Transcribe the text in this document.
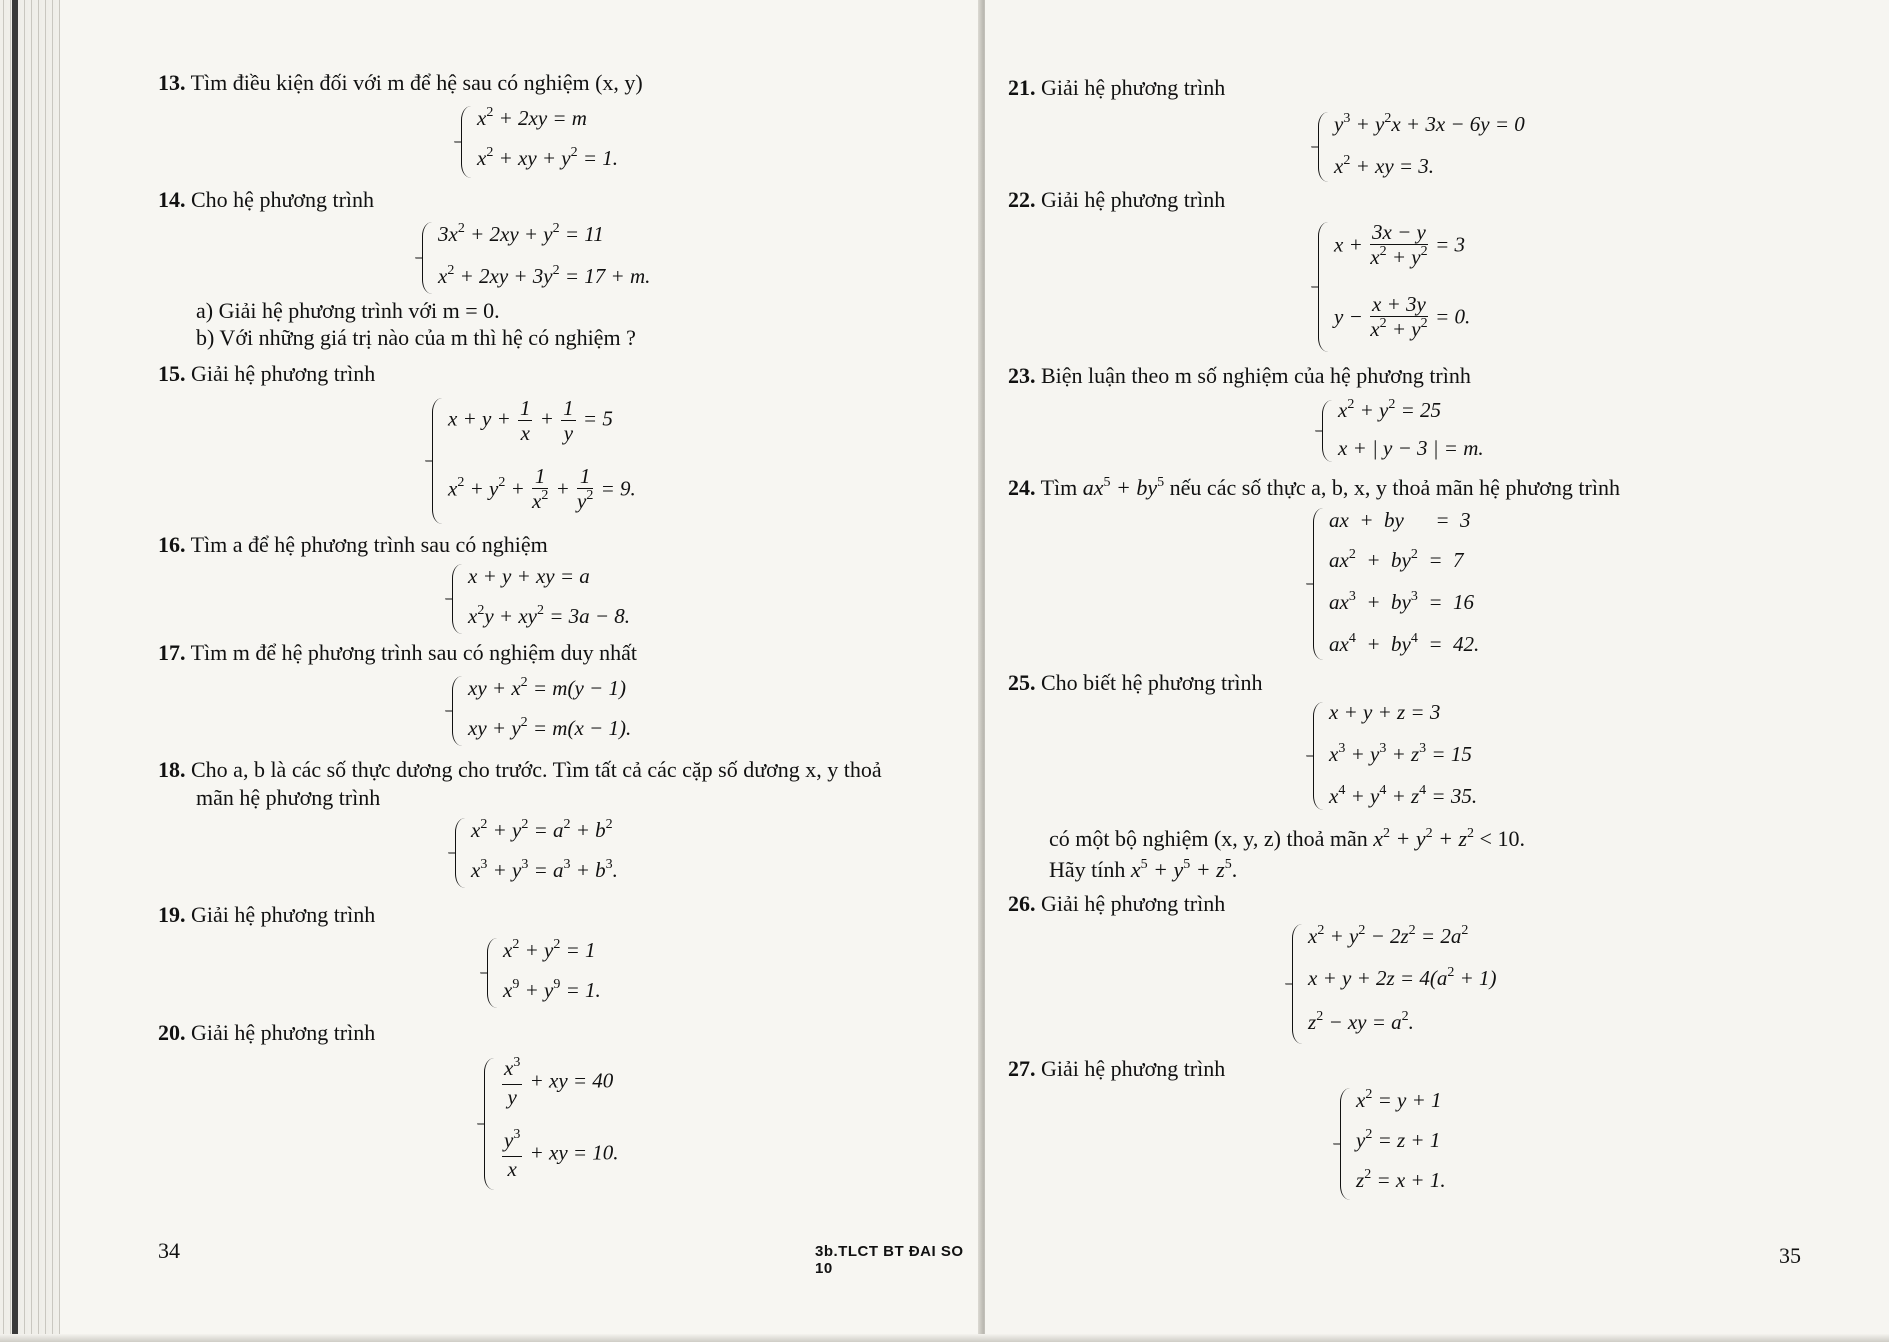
13. Tìm điều kiện đối với m để hệ sau có nghiệm (x, y)
$x^2 + 2xy = m$
$x^2$ + xy + $y^2 = 1$.
14. Cho hệ phương trình
$3x^2 + 2xy + y^2 = 11$
$x^2 + 2xy + 3y^2 = 17 + m$.
a) Giải hệ phương trình với m = 0.
b) Với những giá trị nào của m thì hệ có nghiệm ?
15. Giải hệ phương trình
$x + y + \frac{1}{x} + \frac{1}{y} = 5$
$x^2 + y^2 + \frac{1}{x^2} + \frac{1}{y^2} = 9$.
16. Tìm a để hệ phương trình sau có nghiệm
x + y + xy = a
$x^2y + xy^2 = 3a - 8$.
17. Tìm m để hệ phương trình sau có nghiệm duy nhất
xy + $x^2 = m(y - 1)$
xy + $y^2 = m(x - 1)$.
18. Cho a, b là các số thực dương cho trước. Tìm tất cả các cặp số dương x, y thoả
mãn hệ phương trình
$x^2 + y^2 = a^2 + b^2$
$x^3 + y^3 = a^3 + b^3$.
19. Giải hệ phương trình
$x^2 + y^2 = 1$
$x^9 + y^9 = 1$.
20. Giải hệ phương trình
$\frac{x^3}{y}$ + xy = 40
$\frac{y^3}{x}$ + xy = 10.
34	3b.TLCT BT ĐAI SO 10
21. Giải hệ phương trình
$y^3 + y^2x + 3x - 6y = 0$
$x^2$ + xy = 3.
22. Giải hệ phương trình
$x + \frac{3x - y}{x^2 + y^2} = 3$
$y - \frac{x + 3y}{x^2 + y^2} = 0$.
23. Biện luận theo m số nghiệm của hệ phương trình
$x^2 + y^2 = 25$
x + | y − 3 | = m.
24. Tìm $ax^5 + by^5$ nếu các số thực a, b, x, y thoả mãn hệ phương trình
ax  +  by      =  3
$ax^2 + by^2 = 7$
$ax^3 + by^3 = 16$
$ax^4 + by^4 = 42$.
25. Cho biết hệ phương trình
x + y + z = 3
$x^3 + y^3 + z^3 = 15$
$x^4 + y^4 + z^4 = 35$.
có một bộ nghiệm (x, y, z) thoả mãn $x^2 + y^2 + z^2 < 10$.
Hãy tính $x^5 + y^5 + z^5$.
26. Giải hệ phương trình
$x^2 + y^2 - 2z^2 = 2a^2$
$x + y + 2z = 4(a^2 + 1)$
$z^2$ − xy = $a^2$.
27. Giải hệ phương trình
$x^2 = y + 1$
$y^2 = z + 1$
$z^2 = x + 1$.
35
